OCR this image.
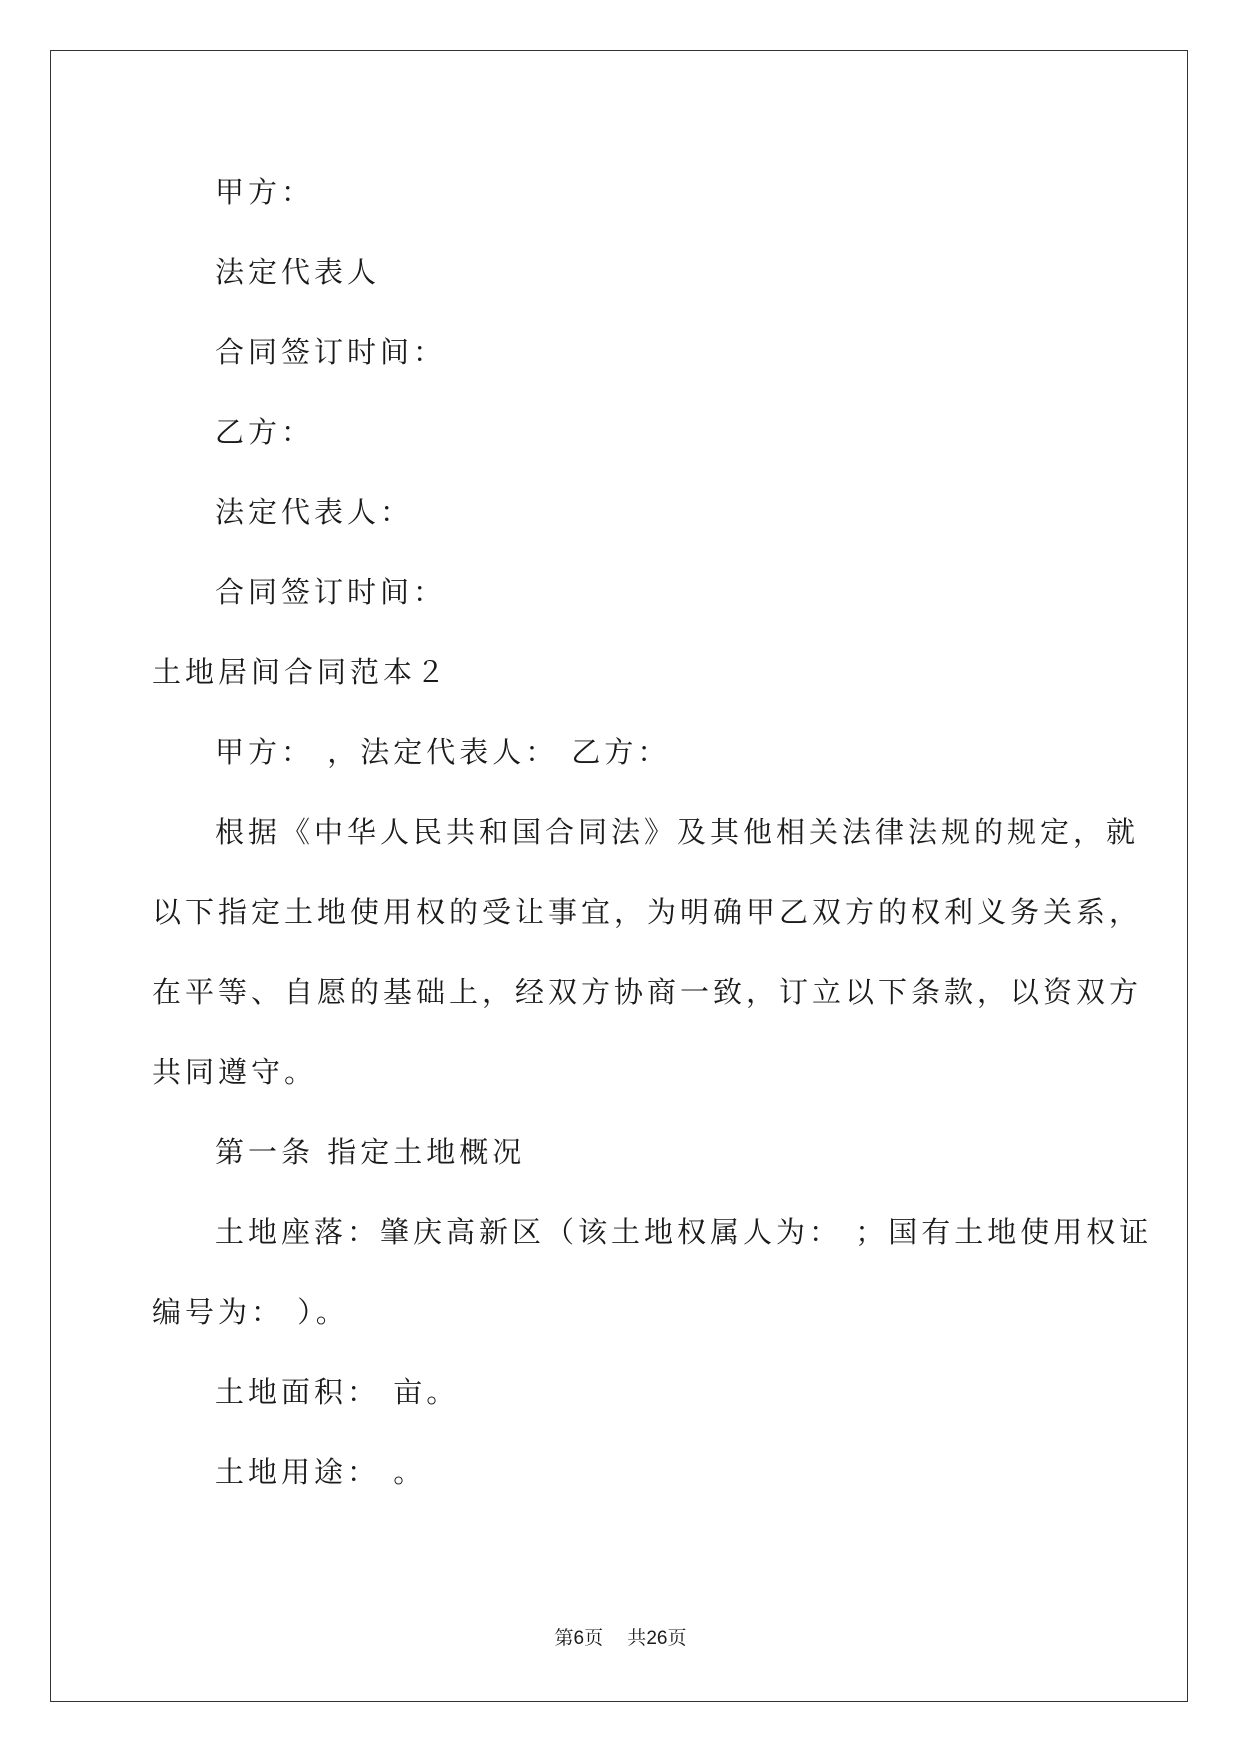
甲方：
法定代表人
合同签订时间：
乙方：
法定代表人：
合同签订时间：
土地居间合同范本２
甲方： ，法定代表人： 乙方：
根据《中华人民共和国合同法》及其他相关法律法规的规定，就
以下指定土地使用权的受让事宜，为明确甲乙双方的权利义务关系，
在平等、自愿的基础上，经双方协商一致，订立以下条款，以资双方
共同遵守。
第一条 指定土地概况
土地座落：肇庆高新区（该土地权属人为： ；国有土地使用权证
编号为： ）。
土地面积： 亩。
土地用途： 。
第6页 共26页
